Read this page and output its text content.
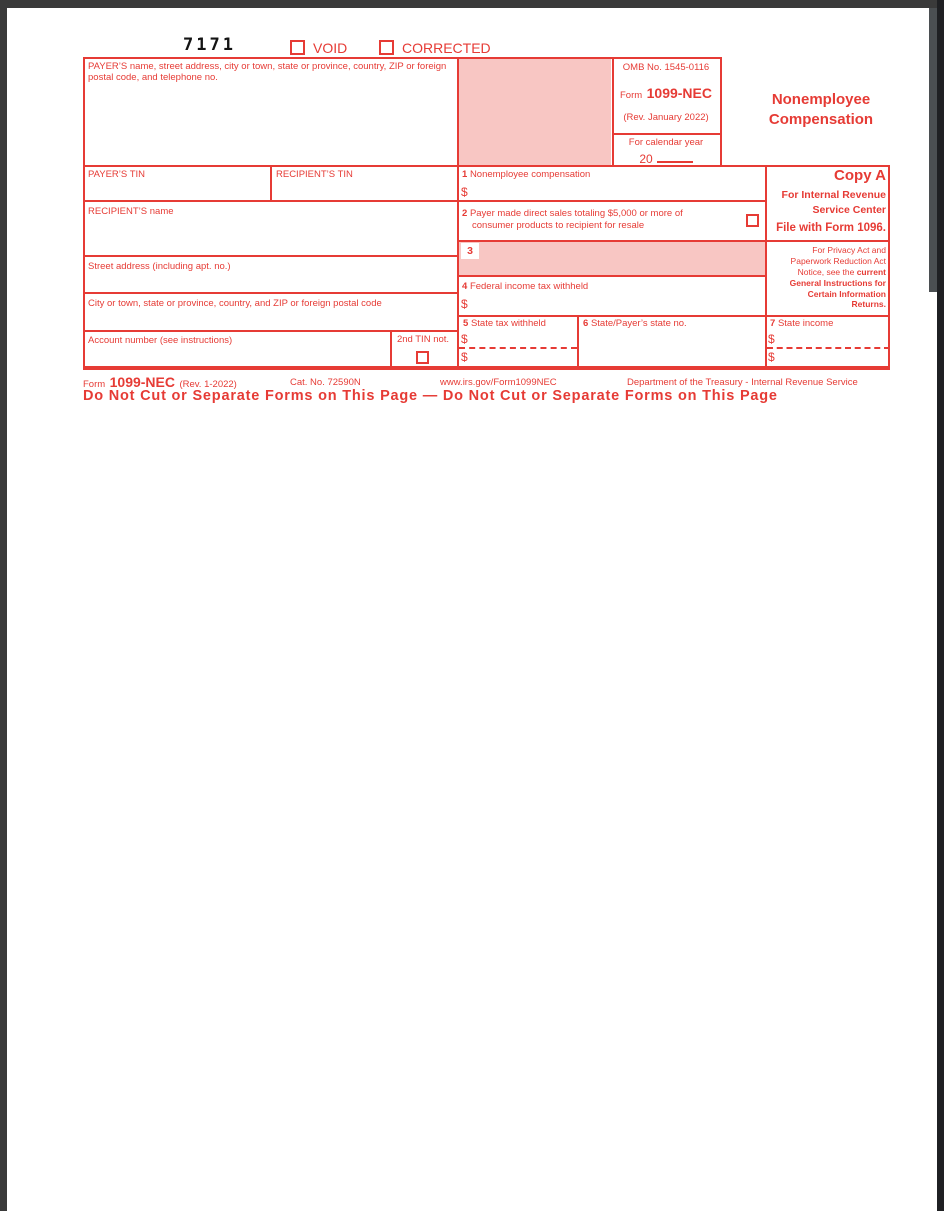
7171	VOID	CORRECTED
PAYER’S name, street address, city or town, state or province, country, ZIP or foreign postal code, and telephone no.
OMB No. 1545-0116
Form 1099-NEC
(Rev. January 2022)
For calendar year
20
Nonemployee
Compensation
PAYER’S TIN	RECIPIENT’S TIN	1 Nonemployee compensation
$
RECIPIENT’S name	2 Payer made direct sales totaling $5,000 or more of
consumer products to recipient for resale
3
Street address (including apt. no.)
4 Federal income tax withheld
$
City or town, state or province, country, and ZIP or foreign postal code
Account number (see instructions)	2nd TIN not.
5 State tax withheld
$
$
6 State/Payer’s state no.	7 State income
$
$
Copy A
For Internal Revenue
Service Center
File with Form 1096.
For Privacy Act and
Paperwork Reduction Act
Notice, see the current
General Instructions for
Certain Information
Returns.
Form 1099-NEC (Rev. 1-2022)	Cat. No. 72590N	www.irs.gov/Form1099NEC	Department of the Treasury - Internal Revenue Service
Do Not Cut or Separate Forms on This Page — Do Not Cut or Separate Forms on This Page
